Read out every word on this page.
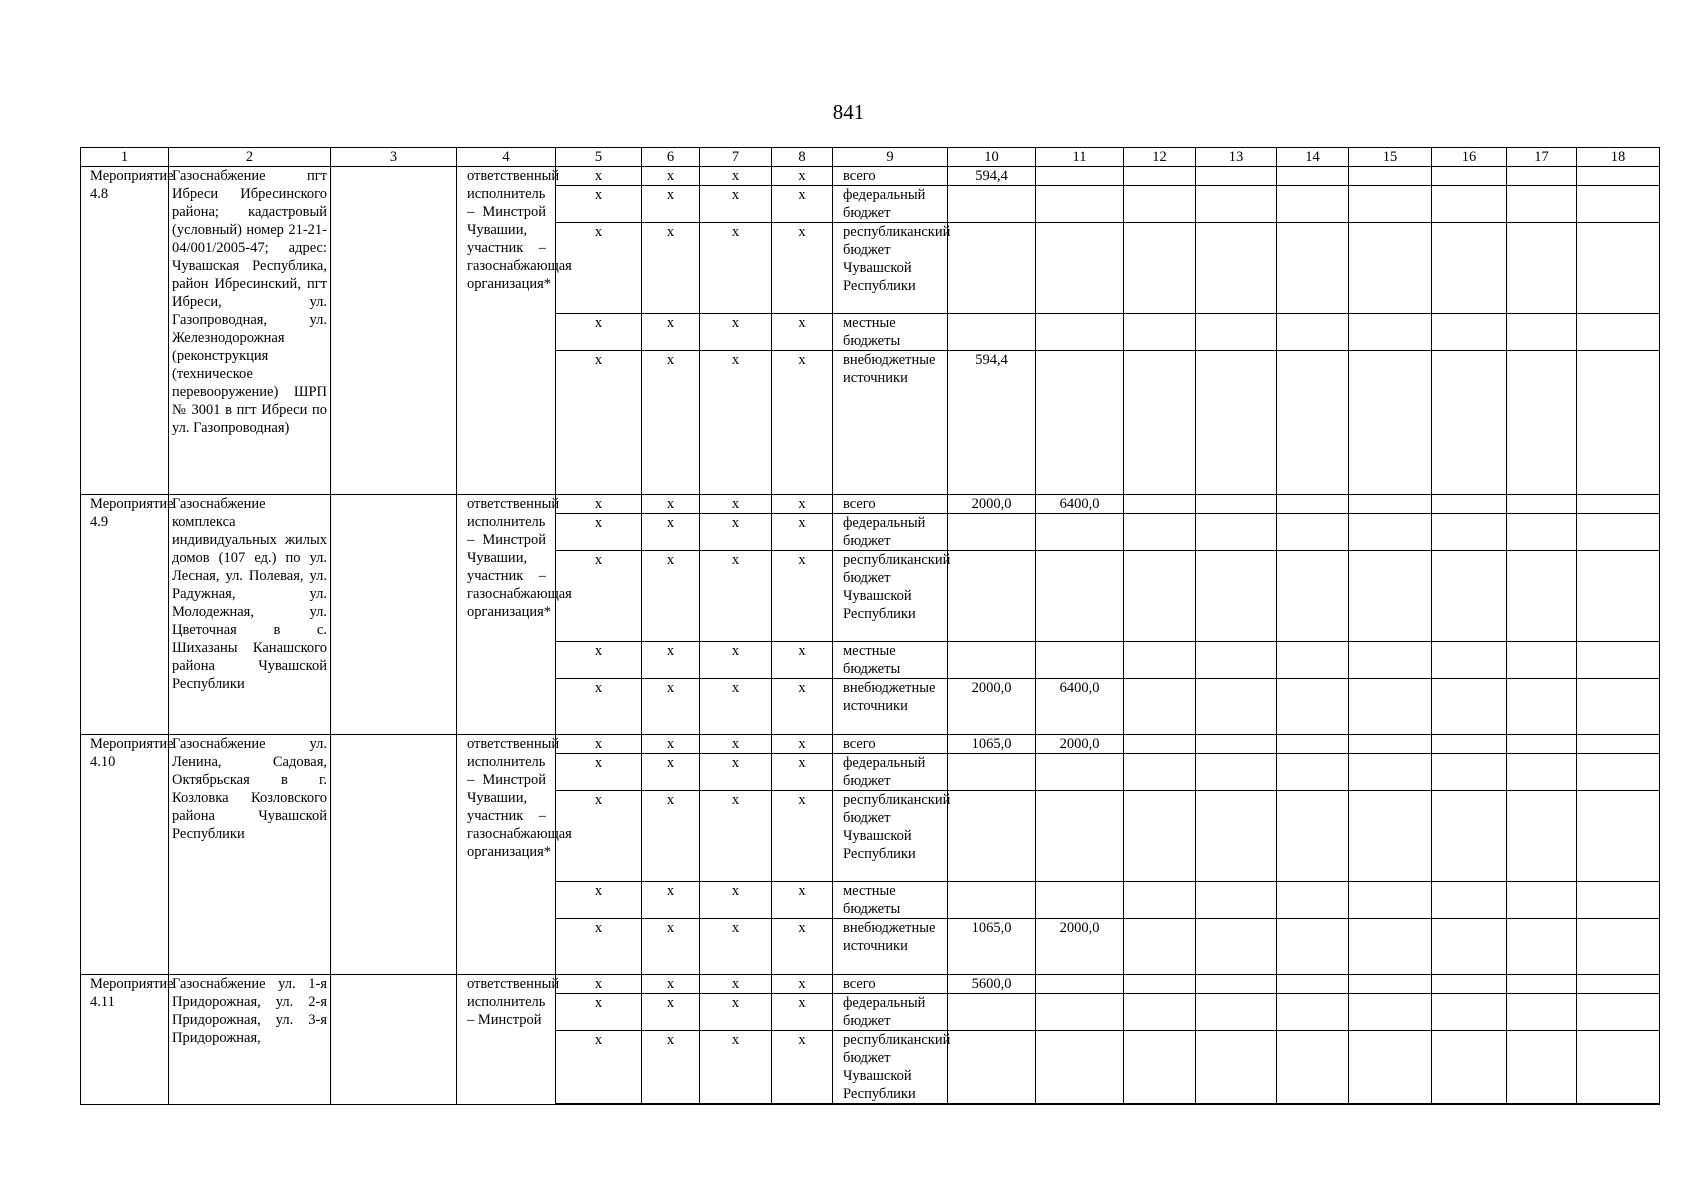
841
1	2	3	4	5	6	7	8	9	10	11	12	13	14	15	16	17	18
Мероприятие 4.8	Газоснабжение пгт Ибреси Ибресинского района; кадастровый (условный) номер 21-21-04/001/2005-47; адрес: Чувашская Республика, район Ибресинский, пгт Ибреси, ул. Газопроводная, ул. Железнодорожная (реконструкция (техническое перевооружение) ШРП № 3001 в пгт Ибреси по ул. Газопроводная)		ответственный исполнитель – Минстрой Чувашии, участник – газоснабжающая организация*	х	х	х	х	всего	594,4								
				х	х	х	х	федеральный бюджет									
				х	х	х	х	республиканский бюджет Чувашской Республики									
				х	х	х	х	местные бюджеты									
				х	х	х	х	внебюджетные источники	594,4								
Мероприятие 4.9	Газоснабжение комплекса индивидуальных жилых домов (107 ед.) по ул. Лесная, ул. Полевая, ул. Радужная, ул. Молодежная, ул. Цветочная в с. Шихазаны Канашского района Чувашской Республики		ответственный исполнитель – Минстрой Чувашии, участник – газоснабжающая организация*	х	х	х	х	всего	2000,0	6400,0							
				х	х	х	х	федеральный бюджет									
				х	х	х	х	республиканский бюджет Чувашской Республики									
				х	х	х	х	местные бюджеты									
				х	х	х	х	внебюджетные источники	2000,0	6400,0							
Мероприятие 4.10	Газоснабжение ул. Ленина, Садовая, Октябрьская в г. Козловка Козловского района Чувашской Республики		ответственный исполнитель – Минстрой Чувашии, участник – газоснабжающая организация*	х	х	х	х	всего	1065,0	2000,0							
				х	х	х	х	федеральный бюджет									
				х	х	х	х	республиканский бюджет Чувашской Республики									
				х	х	х	х	местные бюджеты									
				х	х	х	х	внебюджетные источники	1065,0	2000,0							
Мероприятие 4.11	Газоснабжение ул. 1-я Придорожная, ул. 2-я Придорожная, ул. 3-я Придорожная,		ответственный исполнитель – Минстрой	х	х	х	х	всего	5600,0								
				х	х	х	х	федеральный бюджет									
				х	х	х	х	республиканский бюджет Чувашской Республики									
